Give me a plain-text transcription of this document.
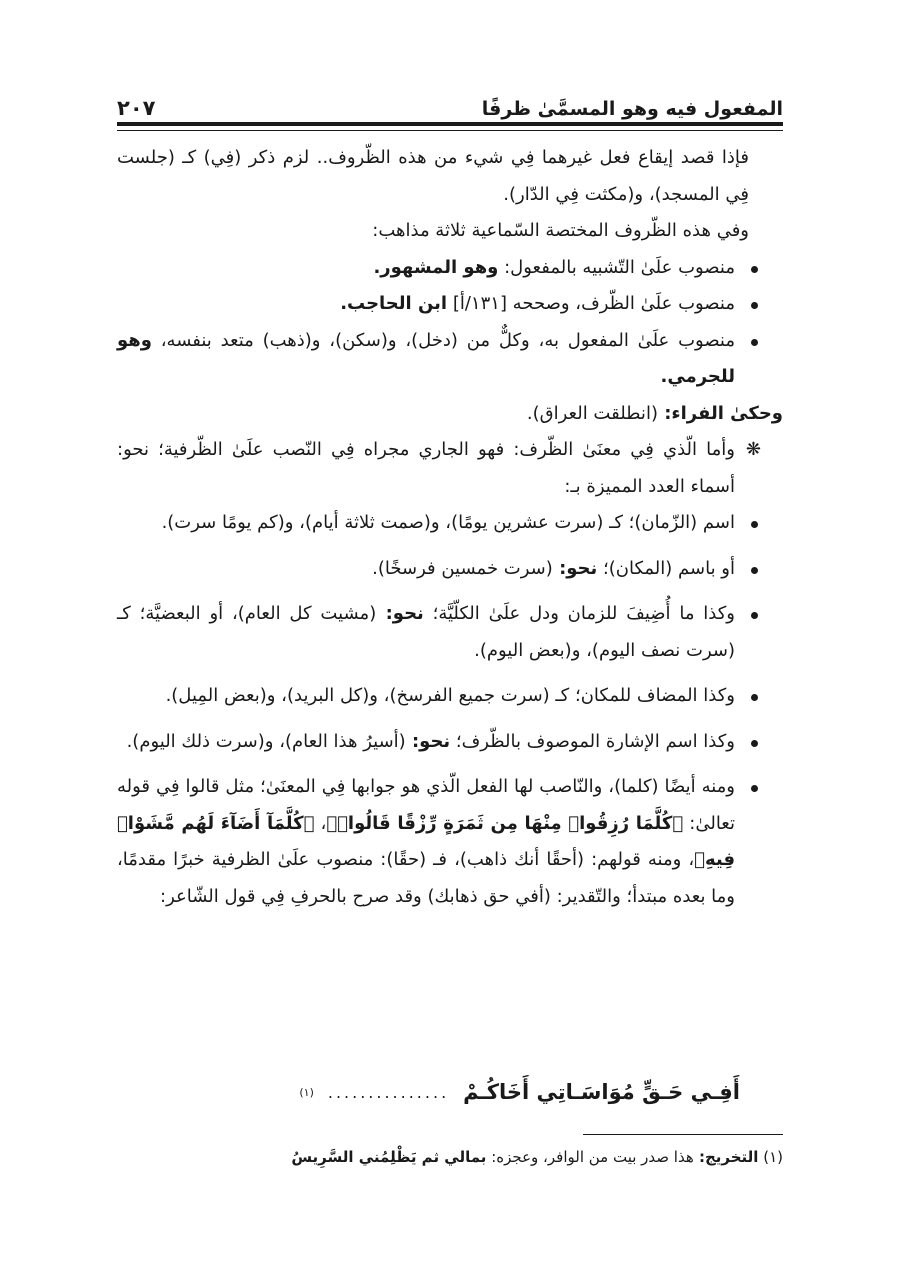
المفعول فيه وهو المسمَّىٰ ظرفًا
٢٠٧

فإذا قصد إيقاع فعل غيرهما فِي شيء من هذه الظّروف.. لزم ذكر (فِي) كـ (جلست فِي المسجد)، و(مكثت فِي الدّار).

وفي هذه الظّروف المختصة السّماعية ثلاثة مذاهب:

منصوب علَىٰ التّشبيه بالمفعول: وهو المشهور.
منصوب علَىٰ الظّرف، وصححه [١٣١/أ] ابن الحاجب.
منصوب علَىٰ المفعول به، وكلٌّ من (دخل)، و(سكن)، و(ذهب) متعد بنفسه، وهو للجرمي.

وحكىٰ الفراء: (انطلقت العراق).

❋
وأما الّذي فِي معنَىٰ الظّرف: فهو الجاري مجراه فِي النّصب علَىٰ الظّرفية؛ نحو: أسماء العدد المميزة بـ:
اسم (الزّمان)؛ كـ (سرت عشرين يومًا)، و(صمت ثلاثة أيام)، و(كم يومًا سرت).
أو باسم (المكان)؛ نحو: (سرت خمسين فرسخًا).
وكذا ما أُضِيفَ للزمان ودل علَىٰ الكلّيَّة؛ نحو: (مشيت كل العام)، أو البعضيَّة؛ كـ (سرت نصف اليوم)، و(بعض اليوم).
وكذا المضاف للمكان؛ كـ (سرت جميع الفرسخ)، و(كل البريد)، و(بعض المِيل).
وكذا اسم الإشارة الموصوف بالظّرف؛ نحو: (أسيرُ هذا العام)، و(سرت ذلك اليوم).
ومنه أيضًا (كلما)، والنّاصب لها الفعل الّذي هو جوابها فِي المعنَىٰ؛ مثل قالوا فِي قوله تعالىٰ: ﴿كُلَّمَا رُزِقُوا۟ مِنْهَا مِن ثَمَرَةٍ رِّزْقًا قَالُوا۟﴾، ﴿كُلَّمَآ أَضَآءَ لَهُم مَّشَوْا۟ فِيهِ﴾، ومنه قولهم: (أحقًا أنك ذاهب)، فـ (حقًا): منصوب علَىٰ الظرفية خبرًا مقدمًا، وما بعده مبتدأ؛ والتّقدير: (أفي حق ذهابك) وقد صرح بالحرفِ فِي قول الشّاعر:
أَفِـي حَـقٍّ مُوَاسَـاتِي أَخَاكُـمْ
...............
(١)
(١) التخريج: هذا صدر بيت من الوافر، وعجزه: بمالي ثم يَظْلِمُني السَّرِيسُ
